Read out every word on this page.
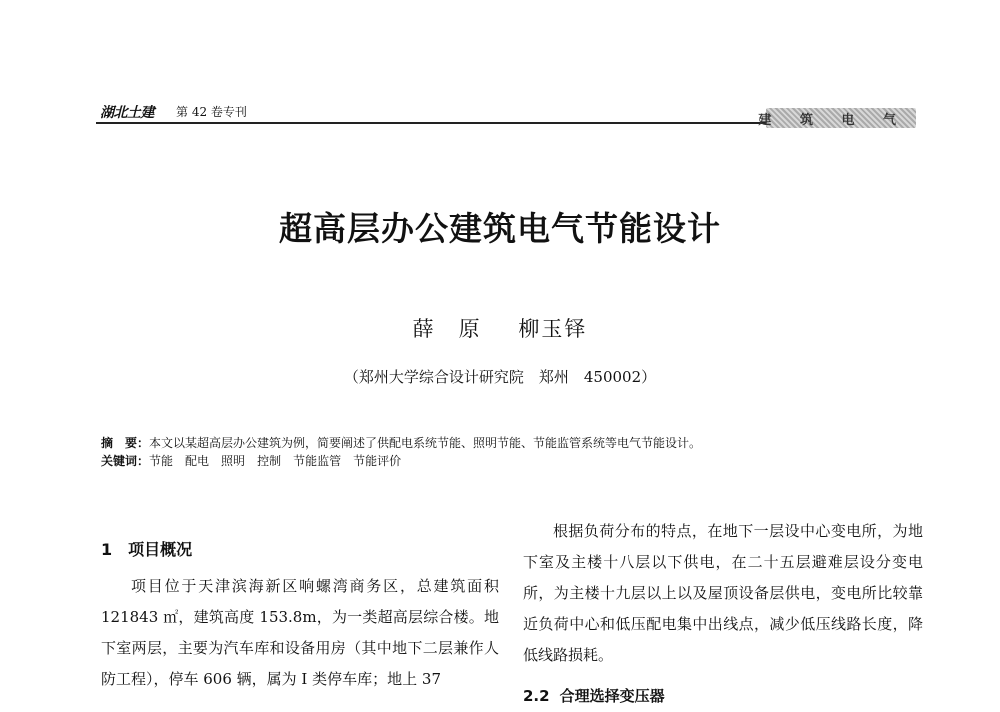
湖北土建 第 42 卷专刊
建 筑 电 气
超高层办公建筑电气节能设计
薛　原 柳玉铎
（郑州大学综合设计研究院　郑州　450002）
摘　要：本文以某超高层办公建筑为例，简要阐述了供配电系统节能、照明节能、节能监管系统等电气节能设计。
关键词：节能 配电 照明 控制 节能监管 节能评价
1 项目概况

项目位于天津滨海新区响螺湾商务区，总建筑面积 121843 ㎡，建筑高度 153.8m，为一类超高层综合楼。地下室两层，主要为汽车库和设备用房（其中地下二层兼作人防工程），停车 606 辆，属为 Ⅰ 类停车库；地上 37

根据负荷分布的特点，在地下一层设中心变电所，为地下室及主楼十八层以下供电，在二十五层避难层设分变电所，为主楼十九层以上以及屋顶设备层供电，变电所比较靠近负荷中心和低压配电集中出线点，减少低压线路长度，降低线路损耗。

2.2 合理选择变压器
